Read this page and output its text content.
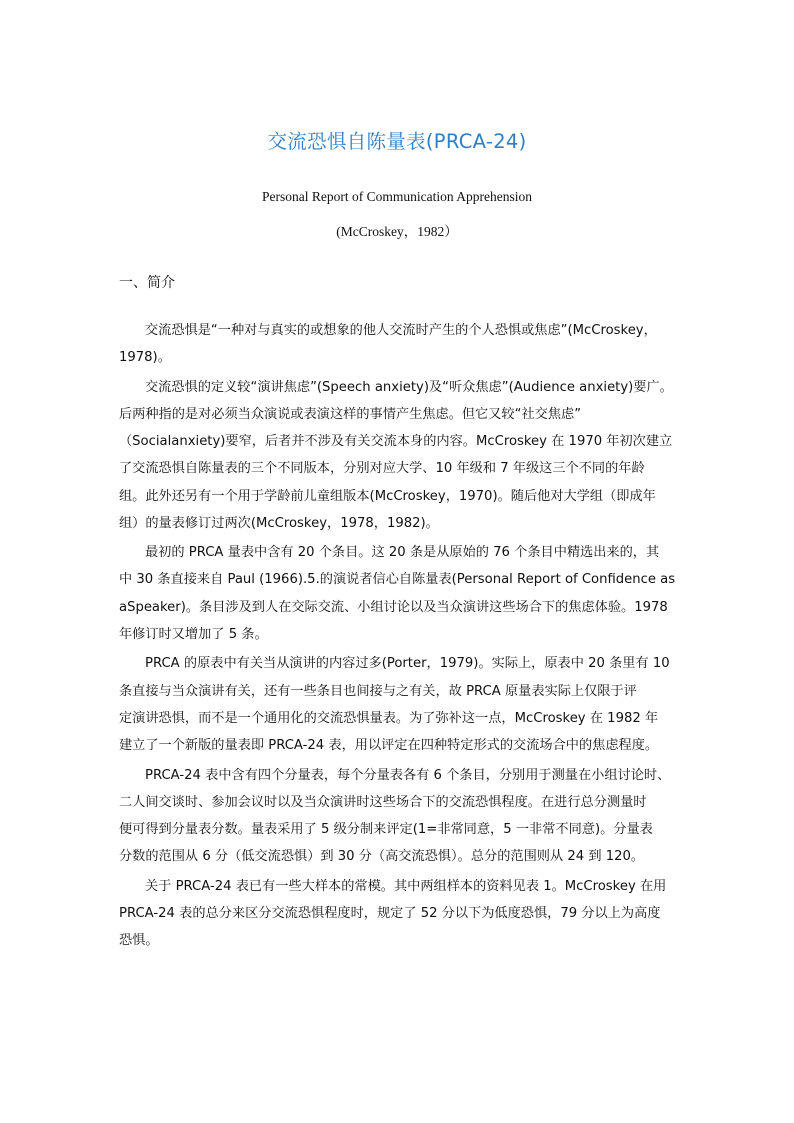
交流恐惧自陈量表(PRCA-24)
Personal Report of Communication Apprehension
(McCroskey，1982）
一、简介
交流恐惧是“一种对与真实的或想象的他人交流时产生的个人恐惧或焦虑”(McCroskey，
1978)。
交流恐惧的定义较“演讲焦虑”(Speech anxiety)及“听众焦虑”(Audience anxiety)要广。
后两种指的是对必须当众演说或表演这样的事情产生焦虑。但它又较“社交焦虑”
（Socialanxiety)要窄，后者并不涉及有关交流本身的内容。McCroskey 在 1970 年初次建立
了交流恐惧自陈量表的三个不同版本，分别对应大学、10 年级和 7 年级这三个不同的年龄
组。此外还另有一个用于学龄前儿童组版本(McCroskey，1970)。随后他对大学组（即成年
组）的量表修订过两次(McCroskey，1978，1982)。
最初的 PRCA 量表中含有 20 个条目。这 20 条是从原始的 76 个条目中精选出来的，其
中 30 条直接来自 Paul (1966).5.的演说者信心自陈量表(Personal Report of Confidence as
aSpeaker)。条目涉及到人在交际交流、小组讨论以及当众演讲这些场合下的焦虑体验。1978
年修订时又增加了 5 条。
PRCA 的原表中有关当从演讲的内容过多(Porter，1979)。实际上，原表中 20 条里有 10
条直接与当众演讲有关，还有一些条目也间接与之有关，故 PRCA 原量表实际上仅限于评
定演讲恐惧，而不是一个通用化的交流恐惧量表。为了弥补这一点，McCroskey 在 1982 年
建立了一个新版的量表即 PRCA-24 表，用以评定在四种特定形式的交流场合中的焦虑程度。
PRCA-24 表中含有四个分量表，每个分量表各有 6 个条目，分别用于测量在小组讨论时、
二人间交谈时、参加会议时以及当众演讲时这些场合下的交流恐惧程度。在进行总分测量时
便可得到分量表分数。量表采用了 5 级分制来评定(1=非常同意，5 一非常不同意)。分量表
分数的范围从 6 分（低交流恐惧）到 30 分（高交流恐惧）。总分的范围则从 24 到 120。
关于 PRCA-24 表已有一些大样本的常模。其中两组样本的资料见表 1。McCroskey 在用
PRCA-24 表的总分来区分交流恐惧程度时，规定了 52 分以下为低度恐惧，79 分以上为高度
恐惧。
